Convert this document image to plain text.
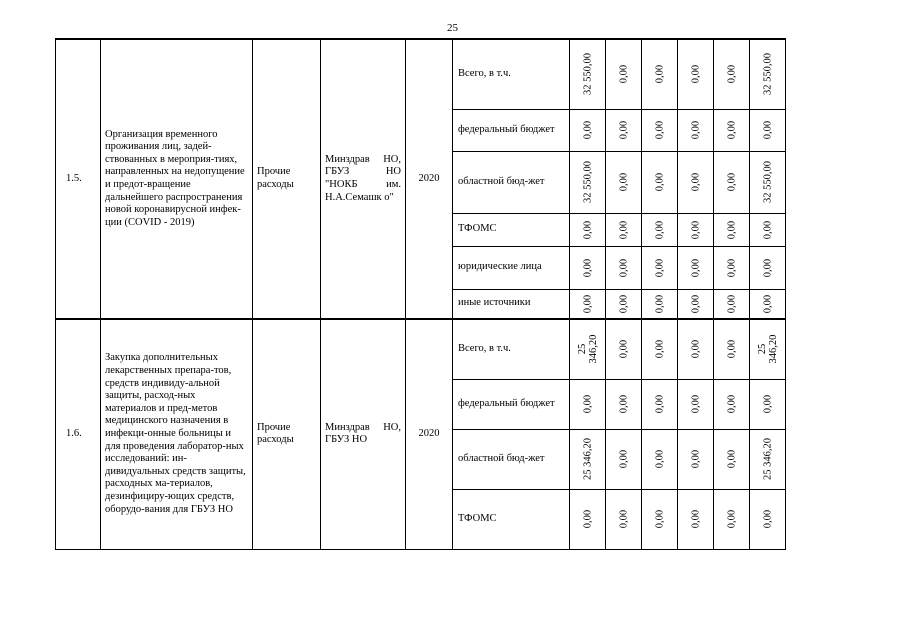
25
1.5.	Организация временного проживания лиц, задей-ствованных в мероприя-тиях, направленных на недопущение и предот-вращение дальнейшего распространения новой коронавирусной инфек-ции (COVID - 2019)	Прочие расходы	Минздрав НО, ГБУЗ НО "НОКБ им. Н.А.Семашк о"	2020	Всего, в т.ч.	32 550,00	0,00	0,00	0,00	0,00	32 550,00

					федеральный бюджет	0,00	0,00	0,00	0,00	0,00	0,00

					областной бюд-жет	32 550,00	0,00	0,00	0,00	0,00	32 550,00

					ТФОМС	0,00	0,00	0,00	0,00	0,00	0,00

					юридические лица	0,00	0,00	0,00	0,00	0,00	0,00

					иные источники	0,00	0,00	0,00	0,00	0,00	0,00

1.6.	Закупка дополнительных лекарственных препара-тов, средств индивиду-альной защиты, расход-ных материалов и пред-метов медицинского назначения в инфекци-онные больницы и для проведения лаборатор-ных исследований: ин-дивидуальных средств защиты, расходных ма-териалов, дезинфициру-ющих средств, оборудо-вания для ГБУЗ НО	Прочие расходы	Минздрав НО, ГБУЗ НО	2020	Всего, в т.ч.	25 346,20	0,00	0,00	0,00	0,00	25 346,20

					федеральный бюджет	0,00	0,00	0,00	0,00	0,00	0,00

					областной бюд-жет	25 346,20	0,00	0,00	0,00	0,00	25 346,20

					ТФОМС	0,00	0,00	0,00	0,00	0,00	0,00
